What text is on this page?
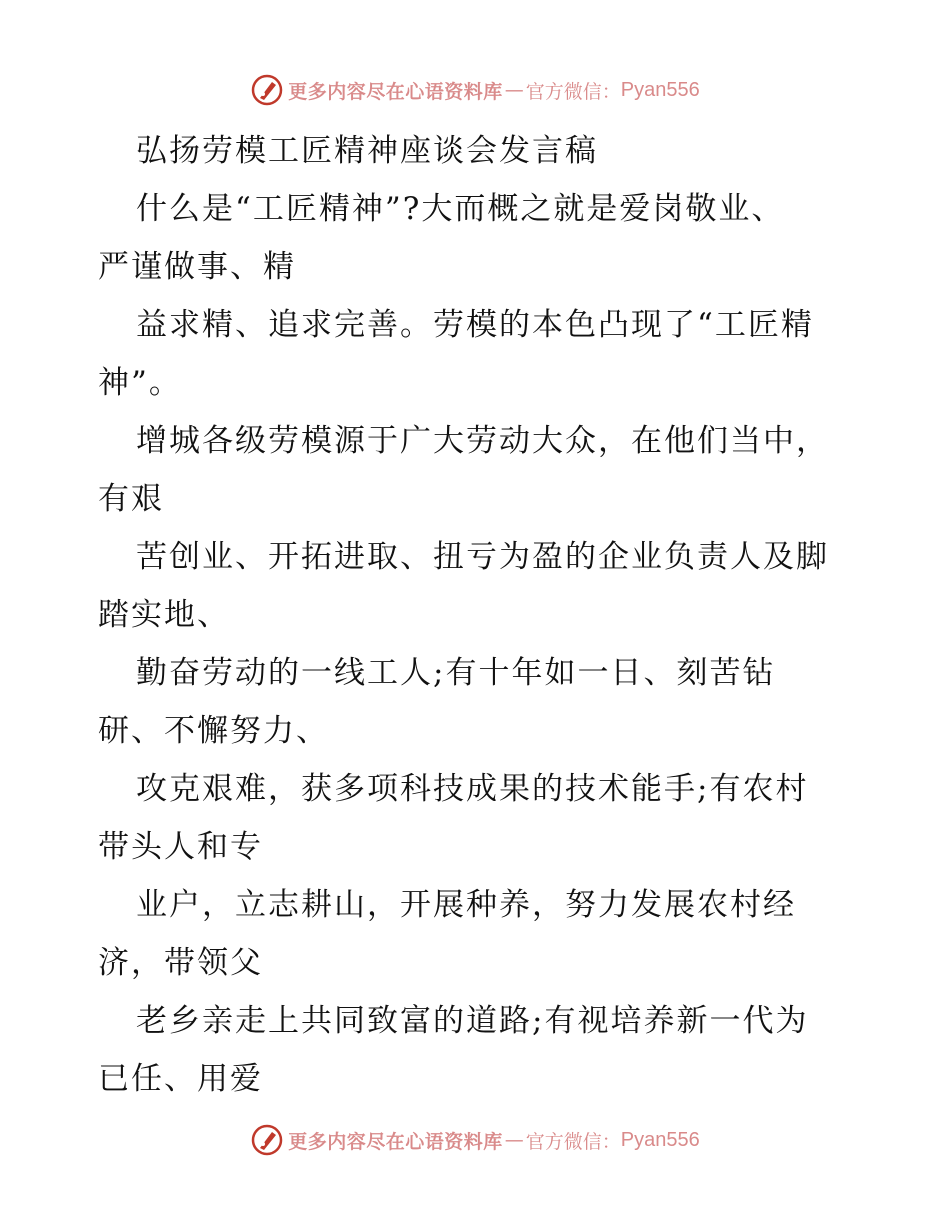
更多内容尽在心语资料库 — 官方微信： Pyan556
弘扬劳模工匠精神座谈会发言稿
什么是“工匠精神”?大而概之就是爱岗敬业、
严谨做事、精
益求精、追求完善。劳模的本色凸现了“工匠精
神”。
增城各级劳模源于广大劳动大众，在他们当中，
有艰
苦创业、开拓进取、扭亏为盈的企业负责人及脚
踏实地、
勤奋劳动的一线工人;有十年如一日、刻苦钻
研、不懈努力、
攻克艰难，获多项科技成果的技术能手;有农村
带头人和专
业户，立志耕山，开展种养，努力发展农村经
济，带领父
老乡亲走上共同致富的道路;有视培养新一代为
已任、用爱
更多内容尽在心语资料库 — 官方微信： Pyan556
